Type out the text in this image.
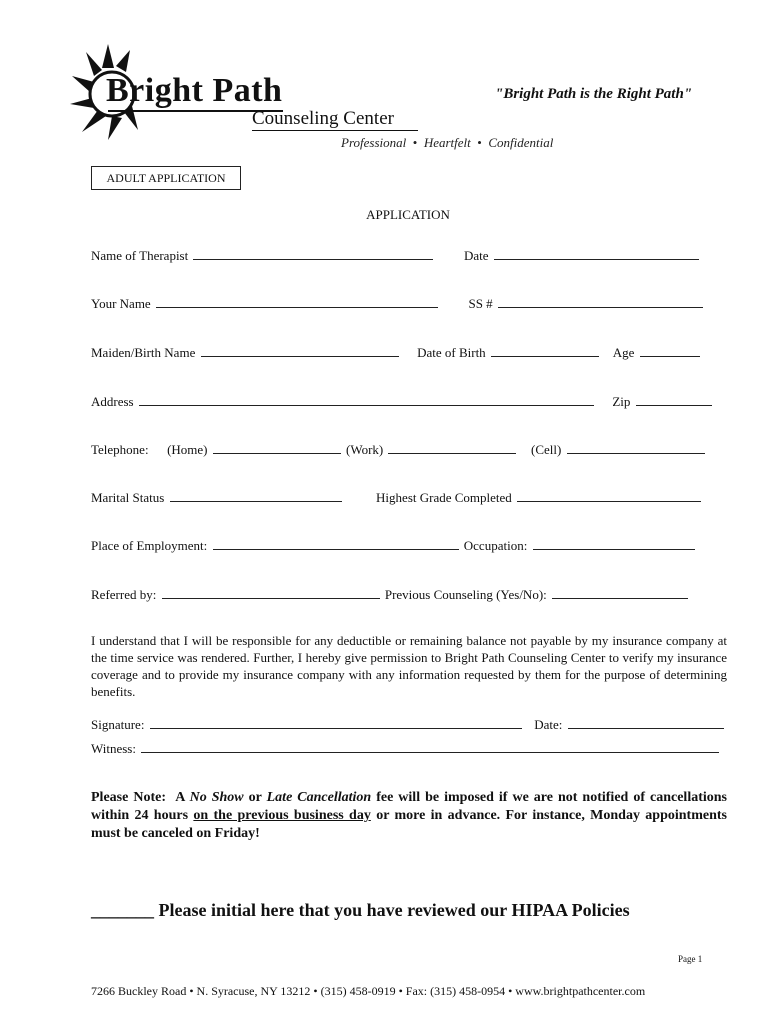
Bright Path
Counseling Center
Professional • Heartfelt • Confidential
"Bright Path is the Right Path"
ADULT APPLICATION
APPLICATION
Name of Therapist	Date
Your Name	SS #
Maiden/Birth Name	Date of Birth	Age
Address	Zip
Telephone: (Home)	(Work)	(Cell)
Marital Status	Highest Grade Completed
Place of Employment:	Occupation:
Referred by:	Previous Counseling (Yes/No):
I understand that I will be responsible for any deductible or remaining balance not payable by my insurance company at the time service was rendered. Further, I hereby give permission to Bright Path Counseling Center to verify my insurance coverage and to provide my insurance company with any information requested by them for the purpose of determining benefits.
Signature:	Date:
Witness:
Please Note: A No Show or Late Cancellation fee will be imposed if we are not notified of cancellations within 24 hours on the previous business day or more in advance. For instance, Monday appointments must be canceled on Friday!
_______ Please initial here that you have reviewed our HIPAA Policies
Page 1
7266 Buckley Road • N. Syracuse, NY 13212 • (315) 458-0919 • Fax: (315) 458-0954 • www.brightpathcenter.com
